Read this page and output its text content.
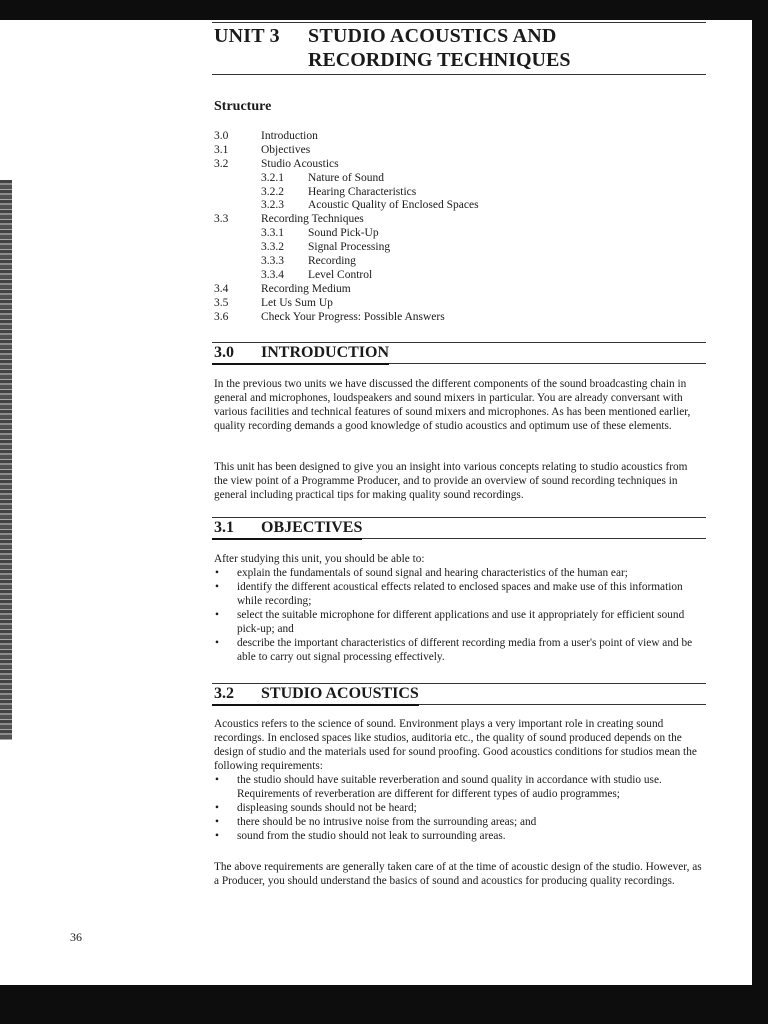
UNIT 3 STUDIO ACOUSTICS AND
RECORDING TECHNIQUES
Structure
3.0	Introduction
3.1	Objectives
3.2	Studio Acoustics
3.2.1	Nature of Sound
3.2.2	Hearing Characteristics
3.2.3	Acoustic Quality of Enclosed Spaces
3.3	Recording Techniques
3.3.1	Sound Pick-Up
3.3.2	Signal Processing
3.3.3	Recording
3.3.4	Level Control
3.4	Recording Medium
3.5	Let Us Sum Up
3.6	Check Your Progress: Possible Answers
3.0 INTRODUCTION

In the previous two units we have discussed the different components of the sound broadcasting chain in general and microphones, loudspeakers and sound mixers in particular. You are already conversant with various facilities and technical features of sound mixers and microphones. As has been mentioned earlier, quality recording demands a good knowledge of studio acoustics and optimum use of these elements.

This unit has been designed to give you an insight into various concepts relating to studio acoustics from the view point of a Programme Producer, and to provide an overview of sound recording techniques in general including practical tips for making quality sound recordings.

3.1 OBJECTIVES

After studying this unit, you should be able to:

• explain the fundamentals of sound signal and hearing characteristics of the human ear;
• identify the different acoustical effects related to enclosed spaces and make use of this information while recording;
• select the suitable microphone for different applications and use it appropriately for efficient sound pick-up; and
• describe the important characteristics of different recording media from a user's point of view and be able to carry out signal processing effectively.
3.2 STUDIO ACOUSTICS

Acoustics refers to the science of sound. Environment plays a very important role in creating sound recordings. In enclosed spaces like studios, auditoria etc., the quality of sound produced depends on the design of studio and the materials used for sound proofing. Good acoustics conditions for studios mean the following requirements:

• the studio should have suitable reverberation and sound quality in accordance with studio use. Requirements of reverberation are different for different types of audio programmes;
• displeasing sounds should not be heard;
• there should be no intrusive noise from the surrounding areas; and
• sound from the studio should not leak to surrounding areas.

The above requirements are generally taken care of at the time of acoustic design of the studio. However, as a Producer, you should understand the basics of sound and acoustics for producing quality recordings.

36
